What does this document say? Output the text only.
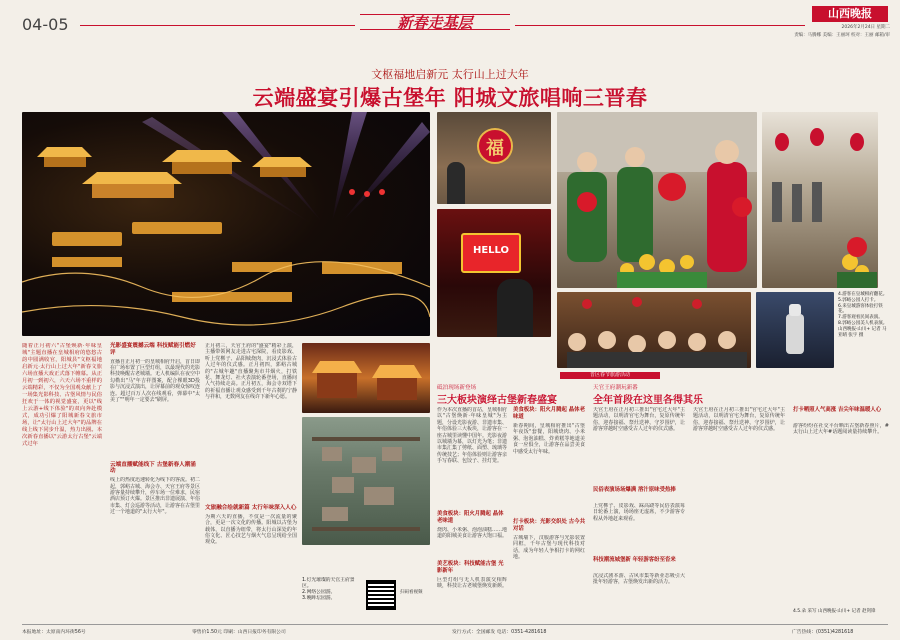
04-05	新春走基层
山西晚报
2026年2月24日 星期二
责编：马腾娜 美编：王丽珂 校对：王丽 邮箱/审
文枢福地启新元 太行山上过大年
云端盛宴引爆古堡年 阳城文旅唱响三晋春
福
HELLO
4.游客在皇城相府翻花。
5.郭峪公园人打卡。
6.来皇城游客体验打铁花。
7.游客观看民间表演。
8.郭峪公园美人机表演。
山西晚报·山川+ 记者 马亚晴 张宇 摄
随着正月初六"古堡焕新·年味皇城"主题直播在皇城相府的悠悠古韵中圆满收官，阳城县"文枢福地启新元·太行山上过大年"新春文旅六场直播大戏正式落下帷幕。从正月初一到初六，六天六场不重样的云端精彩，不仅为全国观众献上了一场集光影科技、古堡风情与民俗狂欢于一体的视觉盛宴，更以"线上云游+线下体验"的双向奔赴模式，成功引爆了阳城新春文旅市场，让"太行山上过大年"的品牌在线上线下同步升温，热力出圈。本次新春直播以"云游太行古堡"云端式过年
光影盛宴震撼云端 科技赋能引燃好评
直播自正月初一的皇城相府开启，首日即在广场布置了巨型灯组，以最现代的光影科技唤醒古老城墙。无人机编队在夜空中勾勒出"马"年吉祥图案，配合裸眼3D投影与沉浸式演出，让屏幕前的观众惊叹连连。超过百万人次在线观看，弹幕中"太美了""明年一定要去"刷屏。
云端直播赋能线下 古堡新春人潮涌动
线上的热度迅速转化为线下的客流。初二起，郭峪古城、海会寺、天官王府等景区游客量持续攀升，停车场一位难求，民宿酒店预订火爆。景区推出非遗展演、年俗市集、灯会巡游等活动，让游客在古堡里过一个地道的"太行大年"。
正月初三，天官王府的"盛宴"精彩上演，主播带领网友走进古宅深院，看皮影戏、听上党梆子、品阳城烧肉，沉浸式体验古人过年的仪式感。正月初四，郭峪古城的"古城年趣"直播聚焦市井烟火，打铁花、舞龙灯、社火表演轮番登场，直播间人气持续走高。正月初五，海会寺双塔下的祈福直播让观众感受到千年古刹的宁静与祥和，无数网友在线许下新年心愿。
文旅融合绘就新篇 太行年味深入人心
为期六天的直播，不仅是一次流量的聚合，更是一次文化的传播。阳城以古堡为载体，以直播为纽带，将太行山深处的年俗文化、匠心技艺与烟火气息呈现给全国观众。
1.灯光璀璨的天官王府景区。
2.网络公园游。
3.晚眸坛园游。
扫码看视频
晋区春节旅游活动
砥泊现场新登场
三大板块演绎古堡新春盛宴
作为本次直播的首站，皇城相府以"古堡焕新·年味皇城"为主题，分设光影夜游、非遗市集、年俗体验三大板块，让游客在一座古城里读懂中国年。光影夜游以城墙为幕，以灯光为笔；非遗市集汇集了剪纸、面塑、琉璃等传统技艺；年俗体验则让游客亲手写春联、包饺子、挂灯笼。
美食板块：阳火月腾起 晶体老味道
烧肉、小米粥、泡泡油糕……地道的阳城美食让游客大饱口福。
美艺板块：科技赋能古堡 光影新年
巨型灯组与无人机表演交相辉映，科技让古老城堡焕发新颜。
美食板块：阳火月腾起 晶体老味道
新春期间，皇城相府推出"古堡年夜饭"套餐，阳城烧肉、小米粥、泡泡油糕、炸黄糕等地道美食一应俱全，让游客在品尝美食中感受太行年味。
打卡板块：光影交织处 古今共对话
古城墙下，汉服游客与光影装置同框，千年古堡与现代科技对话，成为年轻人争相打卡的网红地。
天官王府潮玩新番
全年首段在这里各得其乐
天官王府在正月初三推出"官宅过大年"主题活动，以明清官宅为舞台，复原传统年俗，迎春接福、祭灶送神、守岁围炉，让游客穿越时空感受古人过年的仪式感。
民俗表演场场爆满 溶汁原味受热捧
上党梆子、皮影戏、踩高跷等民俗表演每日轮番上演，场场座无虚席，不少游客专程从外地赶来观看。
科技潮流城堡新 年轻游客纷至沓来
沉浸式剧本游、古风市集等新业态吸引大批年轻游客，古堡焕发出新的活力。
天官王府在正月初三推出"官宅过大年"主题活动，以明清官宅为舞台，复原传统年俗，迎春接福、祭灶送神、守岁围炉，让游客穿越时空感受古人过年的仪式感。
打卡晒照人气高涨 吉尖年味温暖人心
游客纷纷在社交平台晒出古堡新春照片，#太行山上过大年#话题阅读量持续攀升。
4.5.朵 采写 山西晚报·山川+ 记者 赵剑锋
本报地址：太原南内环街56号	零售价1.50元 印刷：山西日报印务有限公司	发行方式：全国邮发 电话：0351-4281618	广告热线：(0351)4281618
